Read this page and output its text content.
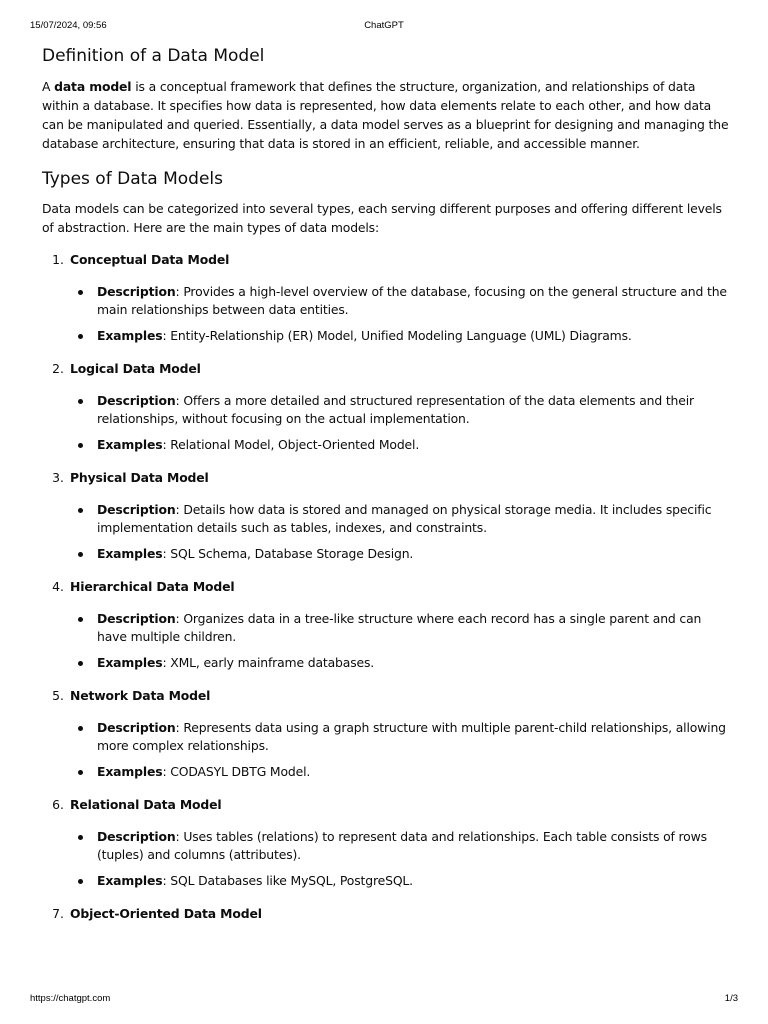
15/07/2024, 09:56	ChatGPT
Definition of a Data Model

A data model is a conceptual framework that defines the structure, organization, and relationships of data within a database. It specifies how data is represented, how data elements relate to each other, and how data can be manipulated and queried. Essentially, a data model serves as a blueprint for designing and managing the database architecture, ensuring that data is stored in an efficient, reliable, and accessible manner.

Types of Data Models

Data models can be categorized into several types, each serving different purposes and offering different levels of abstraction. Here are the main types of data models:

1. Conceptual Data Model
Description: Provides a high-level overview of the database, focusing on the general structure and the main relationships between data entities.
Examples: Entity-Relationship (ER) Model, Unified Modeling Language (UML) Diagrams.
2. Logical Data Model
Description: Offers a more detailed and structured representation of the data elements and their relationships, without focusing on the actual implementation.
Examples: Relational Model, Object-Oriented Model.
3. Physical Data Model
Description: Details how data is stored and managed on physical storage media. It includes specific implementation details such as tables, indexes, and constraints.
Examples: SQL Schema, Database Storage Design.
4. Hierarchical Data Model
Description: Organizes data in a tree-like structure where each record has a single parent and can have multiple children.
Examples: XML, early mainframe databases.
5. Network Data Model
Description: Represents data using a graph structure with multiple parent-child relationships, allowing more complex relationships.
Examples: CODASYL DBTG Model.
6. Relational Data Model
Description: Uses tables (relations) to represent data and relationships. Each table consists of rows (tuples) and columns (attributes).
Examples: SQL Databases like MySQL, PostgreSQL.
7. Object-Oriented Data Model
https://chatgpt.com	1/3
